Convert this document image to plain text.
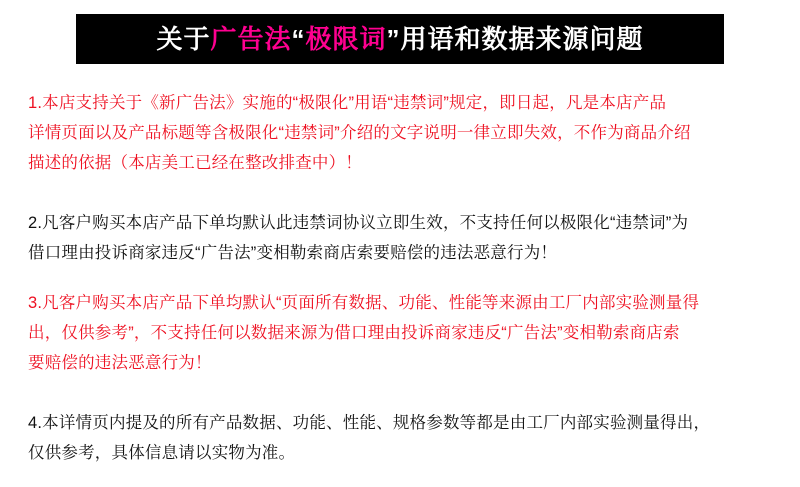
关于广告法“极限词”用语和数据来源问题

1.本店支持关于《新广告法》实施的“极限化”用语“违禁词”规定，即日起，凡是本店产品

详情页面以及产品标题等含极限化“违禁词”介绍的文字说明一律立即失效，不作为商品介绍

描述的依据（本店美工已经在整改排查中）！

2.凡客户购买本店产品下单均默认此违禁词协议立即生效，不支持任何以极限化“违禁词”为

借口理由投诉商家违反“广告法”变相勒索商店索要赔偿的违法恶意行为！

3.凡客户购买本店产品下单均默认“页面所有数据、功能、性能等来源由工厂内部实验测量得

出，仅供参考”，不支持任何以数据来源为借口理由投诉商家违反“广告法”变相勒索商店索

要赔偿的违法恶意行为！

4.本详情页内提及的所有产品数据、功能、性能、规格参数等都是由工厂内部实验测量得出，

仅供参考，具体信息请以实物为准。
